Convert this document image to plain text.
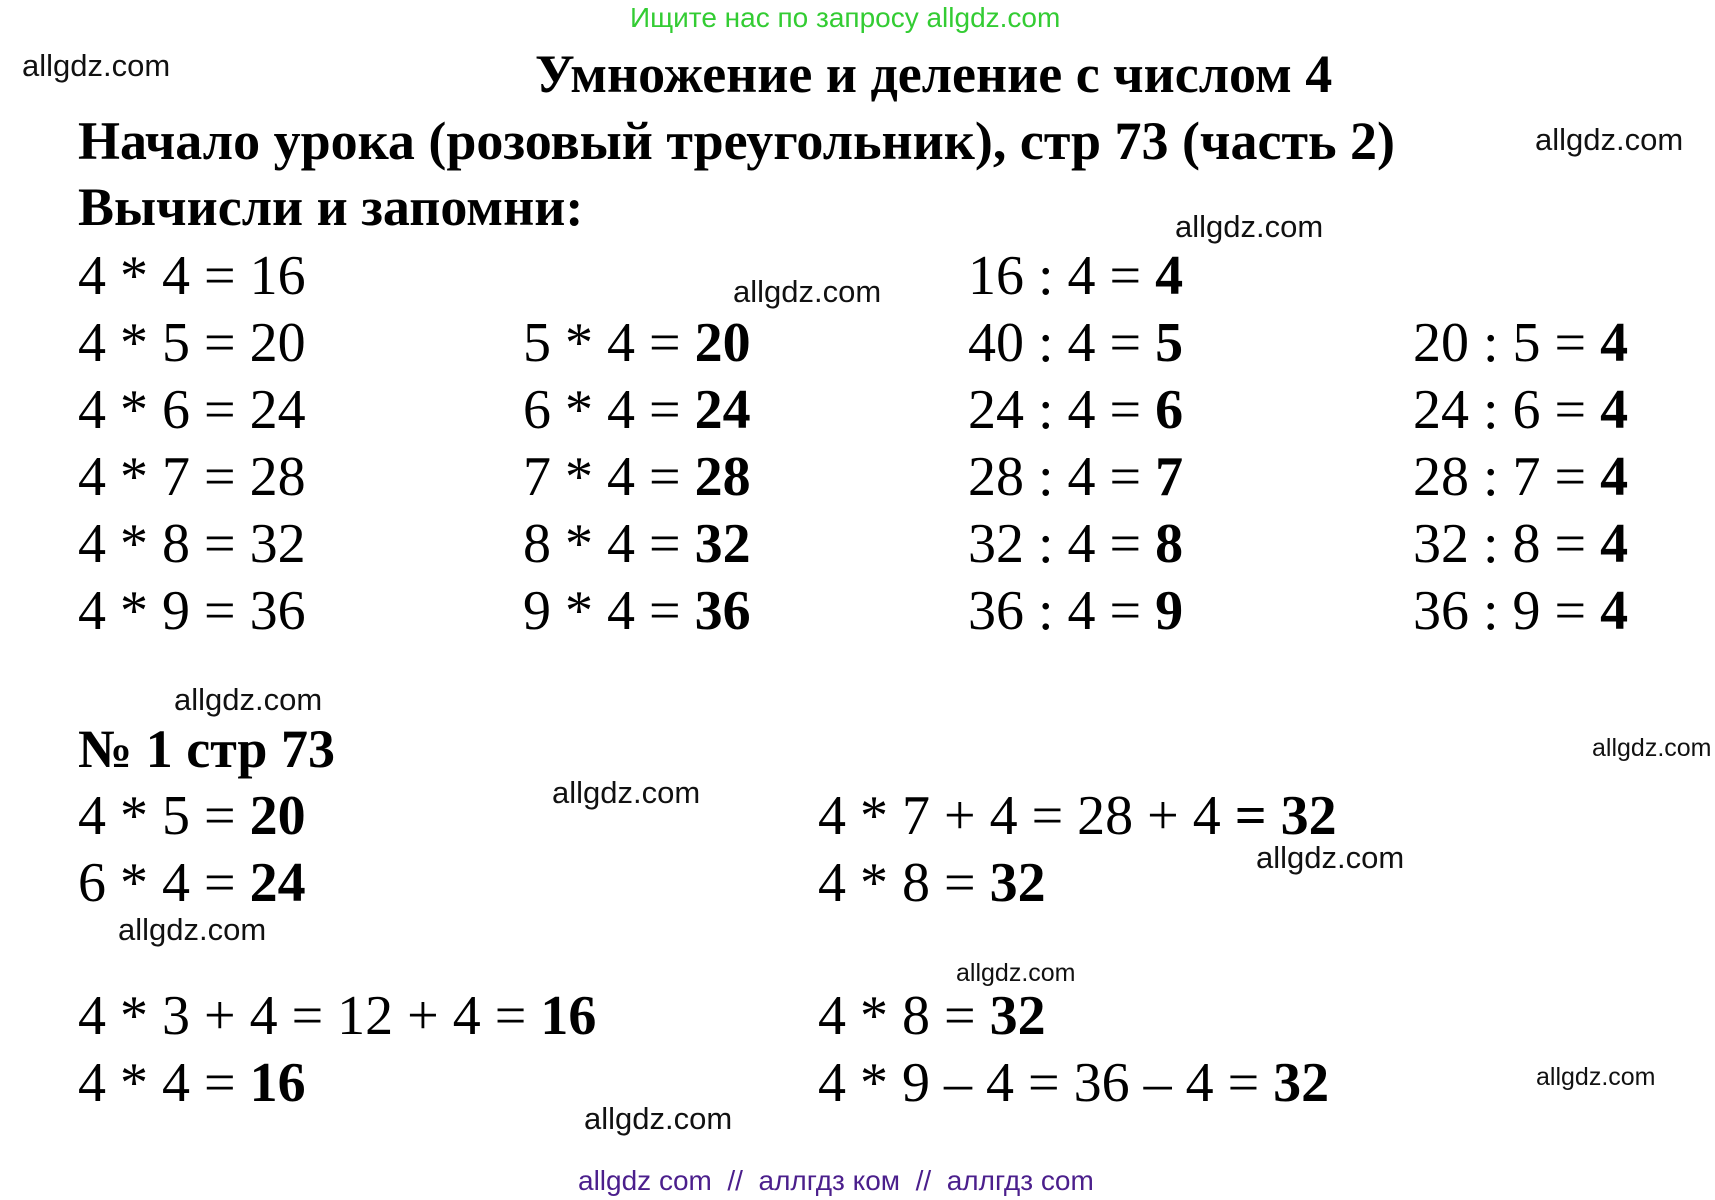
Ищите нас по запросу allgdz.com
Умножение и деление с числом 4
Начало урока (розовый треугольник), стр 73 (часть 2)
Вычисли и запомни:
4 * 4 = 16
4 * 5 = 20
4 * 6 = 24
4 * 7 = 28
4 * 8 = 32
4 * 9 = 36
5 * 4 = 20
6 * 4 = 24
7 * 4 = 28
8 * 4 = 32
9 * 4 = 36
16 : 4 = 4
40 : 4 = 5
24 : 4 = 6
28 : 4 = 7
32 : 4 = 8
36 : 4 = 9
20 : 5 = 4
24 : 6 = 4
28 : 7 = 4
32 : 8 = 4
36 : 9 = 4
№ 1 стр 73
4 * 5 = 20
6 * 4 = 24
4 * 3 + 4 = 12 + 4 = 16
4 * 4 = 16
4 * 7 + 4 = 28 + 4 = 32
4 * 8 = 32
4 * 8 = 32
4 * 9 – 4 = 36 – 4 = 32
allgdz.com
allgdz.com
allgdz.com
allgdz.com
allgdz.com
allgdz.com
allgdz.com
allgdz.com
allgdz.com
allgdz.com
allgdz.com
allgdz.com
allgdz com  //  аллгдз ком  //  аллгдз com
